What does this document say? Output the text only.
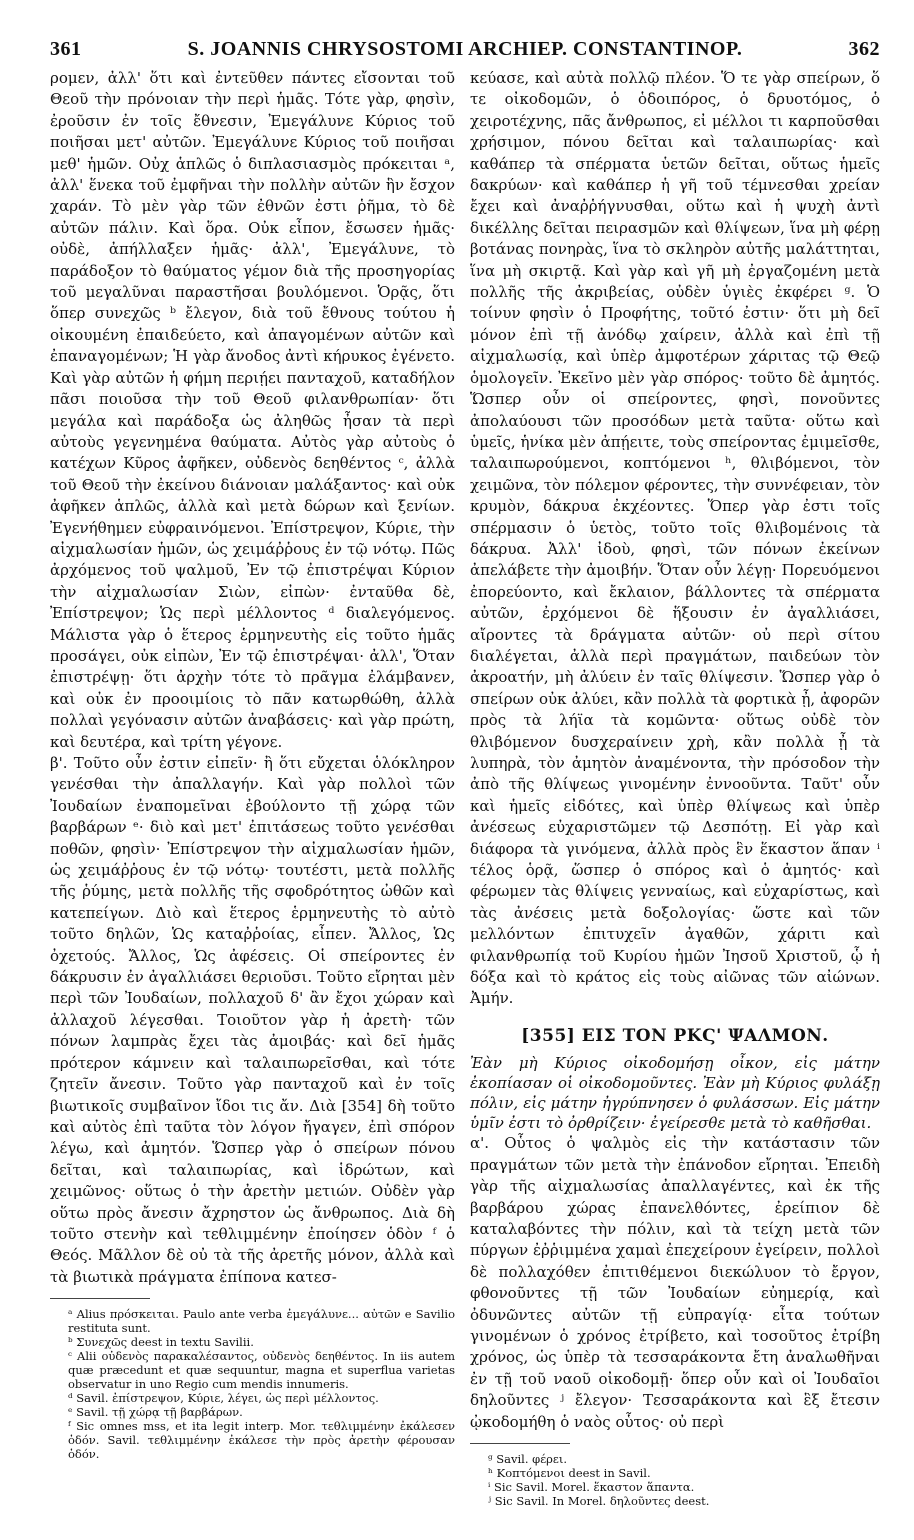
361	S. JOANNIS CHRYSOSTOMI ARCHIEP. CONSTANTINOP.	362

ρομεν, ἀλλ' ὅτι καὶ ἐντεῦθεν πάντες εἴσονται τοῦ Θεοῦ τὴν πρόνοιαν τὴν περὶ ἡμᾶς. Τότε γὰρ, φησὶν, ἐροῦσιν ἐν τοῖς ἔθνεσιν, Ἐμεγάλυνε Κύριος τοῦ ποιῆσαι μετ' αὐτῶν. Ἐμεγάλυνε Κύριος τοῦ ποιῆσαι μεθ' ἡμῶν. Οὐχ ἁπλῶς ὁ διπλασιασμὸς πρόκειται ᵃ, ἀλλ' ἕνεκα τοῦ ἐμφῆναι τὴν πολλὴν αὐτῶν ἣν ἔσχον χαράν. Τὸ μὲν γὰρ τῶν ἐθνῶν ἐστι ῥῆμα, τὸ δὲ αὐτῶν πάλιν. Καὶ ὅρα. Οὐκ εἶπον, ἔσωσεν ἡμᾶς· οὐδὲ, ἀπήλλαξεν ἡμᾶς· ἀλλ', Ἐμεγάλυνε, τὸ παράδοξον τὸ θαύματος γέμον διὰ τῆς προσηγορίας τοῦ μεγαλῦναι παραστῆσαι βουλόμενοι. Ὁρᾷς, ὅτι ὅπερ συνεχῶς ᵇ ἔλεγον, διὰ τοῦ ἔθνους τούτου ἡ οἰκουμένη ἐπαιδεύετο, καὶ ἀπαγομένων αὐτῶν καὶ ἐπαναγομένων; Ἡ γὰρ ἄνοδος ἀντὶ κήρυκος ἐγένετο. Καὶ γὰρ αὐτῶν ἡ φήμη περιῄει πανταχοῦ, καταδήλον πᾶσι ποιοῦσα τὴν τοῦ Θεοῦ φιλανθρωπίαν· ὅτι μεγάλα καὶ παράδοξα ὡς ἀληθῶς ἦσαν τὰ περὶ αὐτοὺς γεγενημένα θαύματα. Αὐτὸς γὰρ αὐτοὺς ὁ κατέχων Κῦρος ἀφῆκεν, οὐδενὸς δεηθέντος ᶜ, ἀλλὰ τοῦ Θεοῦ τὴν ἐκείνου διάνοιαν μαλάξαντος· καὶ οὐκ ἀφῆκεν ἁπλῶς, ἀλλὰ καὶ μετὰ δώρων καὶ ξενίων. Ἐγενήθημεν εὐφραινόμενοι. Ἐπίστρεψον, Κύριε, τὴν αἰχμαλωσίαν ἡμῶν, ὡς χειμάῤῥους ἐν τῷ νότῳ. Πῶς ἀρχόμενος τοῦ ψαλμοῦ, Ἐν τῷ ἐπιστρέψαι Κύριον τὴν αἰχμαλωσίαν Σιὼν, εἰπὼν· ἐνταῦθα δὲ, Ἐπίστρεψον; Ὡς περὶ μέλλοντος ᵈ διαλεγόμενος. Μάλιστα γὰρ ὁ ἕτερος ἑρμηνευτὴς εἰς τοῦτο ἡμᾶς προσάγει, οὐκ εἰπὼν, Ἐν τῷ ἐπιστρέψαι· ἀλλ', Ὅταν ἐπιστρέψῃ· ὅτι ἀρχὴν τότε τὸ πρᾶγμα ἐλάμβανεν, καὶ οὐκ ἐν προοιμίοις τὸ πᾶν κατωρθώθη, ἀλλὰ πολλαὶ γεγόνασιν αὐτῶν ἀναβάσεις· καὶ γὰρ πρώτη, καὶ δευτέρα, καὶ τρίτη γέγονε.

β'. Τοῦτο οὖν ἐστιν εἰπεῖν· ἢ ὅτι εὔχεται ὁλόκληρον γενέσθαι τὴν ἀπαλλαγήν. Καὶ γὰρ πολλοὶ τῶν Ἰουδαίων ἐναπομεῖναι ἐβούλοντο τῇ χώρᾳ τῶν βαρβάρων ᵉ· διὸ καὶ μετ' ἐπιτάσεως τοῦτο γενέσθαι ποθῶν, φησὶν· Ἐπίστρεψον τὴν αἰχμαλωσίαν ἡμῶν, ὡς χειμάῤῥους ἐν τῷ νότῳ· τουτέστι, μετὰ πολλῆς τῆς ῥύμης, μετὰ πολλῆς τῆς σφοδρότητος ὠθῶν καὶ κατεπείγων. Διὸ καὶ ἕτερος ἑρμηνευτὴς τὸ αὐτὸ τοῦτο δηλῶν, Ὡς καταῤῥοίας, εἶπεν. Ἄλλος, Ὡς ὀχετούς. Ἄλλος, Ὡς ἀφέσεις. Οἱ σπείροντες ἐν δάκρυσιν ἐν ἀγαλλιάσει θεριοῦσι. Τοῦτο εἴρηται μὲν περὶ τῶν Ἰουδαίων, πολλαχοῦ δ' ἂν ἔχοι χώραν καὶ ἀλλαχοῦ λέγεσθαι. Τοιοῦτον γὰρ ἡ ἀρετὴ· τῶν πόνων λαμπρὰς ἔχει τὰς ἀμοιβάς· καὶ δεῖ ἡμᾶς πρότερον κάμνειν καὶ ταλαιπωρεῖσθαι, καὶ τότε ζητεῖν ἄνεσιν. Τοῦτο γὰρ πανταχοῦ καὶ ἐν τοῖς βιωτικοῖς συμβαῖνον ἴδοι τις ἄν. Διὰ [354] δὴ τοῦτο καὶ αὐτὸς ἐπὶ ταῦτα τὸν λόγον ἤγαγεν, ἐπὶ σπόρον λέγω, καὶ ἀμητόν. Ὥσπερ γὰρ ὁ σπείρων πόνου δεῖται, καὶ ταλαιπωρίας, καὶ ἱδρώτων, καὶ χειμῶνος· οὕτως ὁ τὴν ἀρετὴν μετιών. Οὐδὲν γὰρ οὕτω πρὸς ἄνεσιν ἄχρηστον ὡς ἄνθρωπος. Διὰ δὴ τοῦτο στενὴν καὶ τεθλιμμένην ἐποίησεν ὁδὸν ᶠ ὁ Θεός. Μᾶλλον δὲ οὐ τὰ τῆς ἀρετῆς μόνον, ἀλλὰ καὶ τὰ βιωτικὰ πράγματα ἐπίπονα κατεσ-

ᵃ Alius πρόσκειται. Paulo ante verba ἐμεγάλυνε... αὐτῶν e Savilio restituta sunt.

ᵇ Συνεχῶς deest in textu Savilii.

ᶜ Alii οὐδενὸς παρακαλέσαντος, οὐδενὸς δεηθέντος. In iis autem quæ præcedunt et quæ sequuntur, magna et superflua varietas observatur in uno Regio cum mendis innumeris.

ᵈ Savil. ἐπίστρεψον, Κύριε, λέγει, ὡς περὶ μέλλοντος.

ᵉ Savil. τῇ χώρᾳ τῇ βαρβάρων.

ᶠ Sic omnes mss, et ita legit interp. Mor. τεθλιμμένην ἐκάλεσεν ὁδόν. Savil. τεθλιμμένην ἐκάλεσε τὴν πρὸς ἀρετὴν φέρουσαν ὁδόν.

κεύασε, καὶ αὐτὰ πολλῷ πλέον. Ὅ τε γὰρ σπείρων, ὅ τε οἰκοδομῶν, ὁ ὁδοιπόρος, ὁ δρυοτόμος, ὁ χειροτέχνης, πᾶς ἄνθρωπος, εἰ μέλλοι τι καρποῦσθαι χρήσιμον, πόνου δεῖται καὶ ταλαιπωρίας· καὶ καθάπερ τὰ σπέρματα ὑετῶν δεῖται, οὕτως ἡμεῖς δακρύων· καὶ καθάπερ ἡ γῆ τοῦ τέμνεσθαι χρείαν ἔχει καὶ ἀναῤῥήγνυσθαι, οὕτω καὶ ἡ ψυχὴ ἀντὶ δικέλλης δεῖται πειρασμῶν καὶ θλίψεων, ἵνα μὴ φέρῃ βοτάνας πονηρὰς, ἵνα τὸ σκληρὸν αὐτῆς μαλάττηται, ἵνα μὴ σκιρτᾷ. Καὶ γὰρ καὶ γῆ μὴ ἐργαζομένη μετὰ πολλῆς τῆς ἀκριβείας, οὐδὲν ὑγιὲς ἐκφέρει ᵍ. Ὁ τοίνυν φησὶν ὁ Προφήτης, τοῦτό ἐστιν· ὅτι μὴ δεῖ μόνον ἐπὶ τῇ ἀνόδῳ χαίρειν, ἀλλὰ καὶ ἐπὶ τῇ αἰχμαλωσίᾳ, καὶ ὑπὲρ ἀμφοτέρων χάριτας τῷ Θεῷ ὁμολογεῖν. Ἐκεῖνο μὲν γὰρ σπόρος· τοῦτο δὲ ἀμητός. Ὥσπερ οὖν οἱ σπείροντες, φησὶ, πονοῦντες ἀπολαύουσι τῶν προσόδων μετὰ ταῦτα· οὕτω καὶ ὑμεῖς, ἡνίκα μὲν ἀπῄειτε, τοὺς σπείροντας ἐμιμεῖσθε, ταλαιπωρούμενοι, κοπτόμενοι ʰ, θλιβόμενοι, τὸν χειμῶνα, τὸν πόλεμον φέροντες, τὴν συννέφειαν, τὸν κρυμὸν, δάκρυα ἐκχέοντες. Ὅπερ γὰρ ἐστι τοῖς σπέρμασιν ὁ ὑετὸς, τοῦτο τοῖς θλιβομένοις τὰ δάκρυα. Ἀλλ' ἰδοὺ, φησὶ, τῶν πόνων ἐκείνων ἀπελάβετε τὴν ἀμοιβήν. Ὅταν οὖν λέγῃ· Πορευόμενοι ἐπορεύοντο, καὶ ἔκλαιον, βάλλοντες τὰ σπέρματα αὐτῶν, ἐρχόμενοι δὲ ἥξουσιν ἐν ἀγαλλιάσει, αἴροντες τὰ δράγματα αὐτῶν· οὐ περὶ σίτου διαλέγεται, ἀλλὰ περὶ πραγμάτων, παιδεύων τὸν ἀκροατήν, μὴ ἀλύειν ἐν ταῖς θλίψεσιν. Ὥσπερ γὰρ ὁ σπείρων οὐκ ἀλύει, κἂν πολλὰ τὰ φορτικὰ ᾖ, ἀφορῶν πρὸς τὰ λήϊα τὰ κομῶντα· οὕτως οὐδὲ τὸν θλιβόμενον δυσχεραίνειν χρὴ, κἂν πολλὰ ᾖ τὰ λυπηρὰ, τὸν ἀμητὸν ἀναμένοντα, τὴν πρόσοδον τὴν ἀπὸ τῆς θλίψεως γινομένην ἐννοοῦντα. Ταῦτ' οὖν καὶ ἡμεῖς εἰδότες, καὶ ὑπὲρ θλίψεως καὶ ὑπὲρ ἀνέσεως εὐχαριστῶμεν τῷ Δεσπότῃ. Εἰ γὰρ καὶ διάφορα τὰ γινόμενα, ἀλλὰ πρὸς ἓν ἕκαστον ἅπαν ⁱ τέλος ὁρᾷ, ὥσπερ ὁ σπόρος καὶ ὁ ἀμητός· καὶ φέρωμεν τὰς θλίψεις γενναίως, καὶ εὐχαρίστως, καὶ τὰς ἀνέσεις μετὰ δοξολογίας· ὥστε καὶ τῶν μελλόντων ἐπιτυχεῖν ἀγαθῶν, χάριτι καὶ φιλανθρωπίᾳ τοῦ Κυρίου ἡμῶν Ἰησοῦ Χριστοῦ, ᾧ ἡ δόξα καὶ τὸ κράτος εἰς τοὺς αἰῶνας τῶν αἰώνων. Ἀμήν.

[355] ΕΙΣ ΤΟΝ ΡΚϚ' ΨΑΛΜΟΝ.

Ἐὰν μὴ Κύριος οἰκοδομήσῃ οἶκον, εἰς μάτην ἐκοπίασαν οἱ οἰκοδομοῦντες. Ἐὰν μὴ Κύριος φυλάξῃ πόλιν, εἰς μάτην ἠγρύπνησεν ὁ φυλάσσων. Εἰς μάτην ὑμῖν ἐστι τὸ ὀρθρίζειν· ἐγείρεσθε μετὰ τὸ καθῆσθαι.

α'. Οὗτος ὁ ψαλμὸς εἰς τὴν κατάστασιν τῶν πραγμάτων τῶν μετὰ τὴν ἐπάνοδον εἴρηται. Ἐπειδὴ γὰρ τῆς αἰχμαλωσίας ἀπαλλαγέντες, καὶ ἐκ τῆς βαρβάρου χώρας ἐπανελθόντες, ἐρείπιον δὲ καταλαβόντες τὴν πόλιν, καὶ τὰ τείχη μετὰ τῶν πύργων ἐῤῥιμμένα χαμαὶ ἐπεχείρουν ἐγείρειν, πολλοὶ δὲ πολλαχόθεν ἐπιτιθέμενοι διεκώλυον τὸ ἔργον, φθονοῦντες τῇ τῶν Ἰουδαίων εὐημερίᾳ, καὶ ὀδυνῶντες αὐτῶν τῇ εὐπραγίᾳ· εἶτα τούτων γινομένων ὁ χρόνος ἐτρίβετο, καὶ τοσοῦτος ἐτρίβη χρόνος, ὡς ὑπὲρ τὰ τεσσαράκοντα ἔτη ἀναλωθῆναι ἐν τῇ τοῦ ναοῦ οἰκοδομῇ· ὅπερ οὖν καὶ οἱ Ἰουδαῖοι δηλοῦντες ʲ ἔλεγον· Τεσσαράκοντα καὶ ἓξ ἔτεσιν ᾠκοδομήθη ὁ ναὸς οὗτος· οὐ περὶ

ᵍ Savil. φέρει.

ʰ Κοπτόμενοι deest in Savil.

ⁱ Sic Savil. Morel. ἕκαστον ἅπαντα.

ʲ Sic Savil. In Morel. δηλοῦντες deest.
